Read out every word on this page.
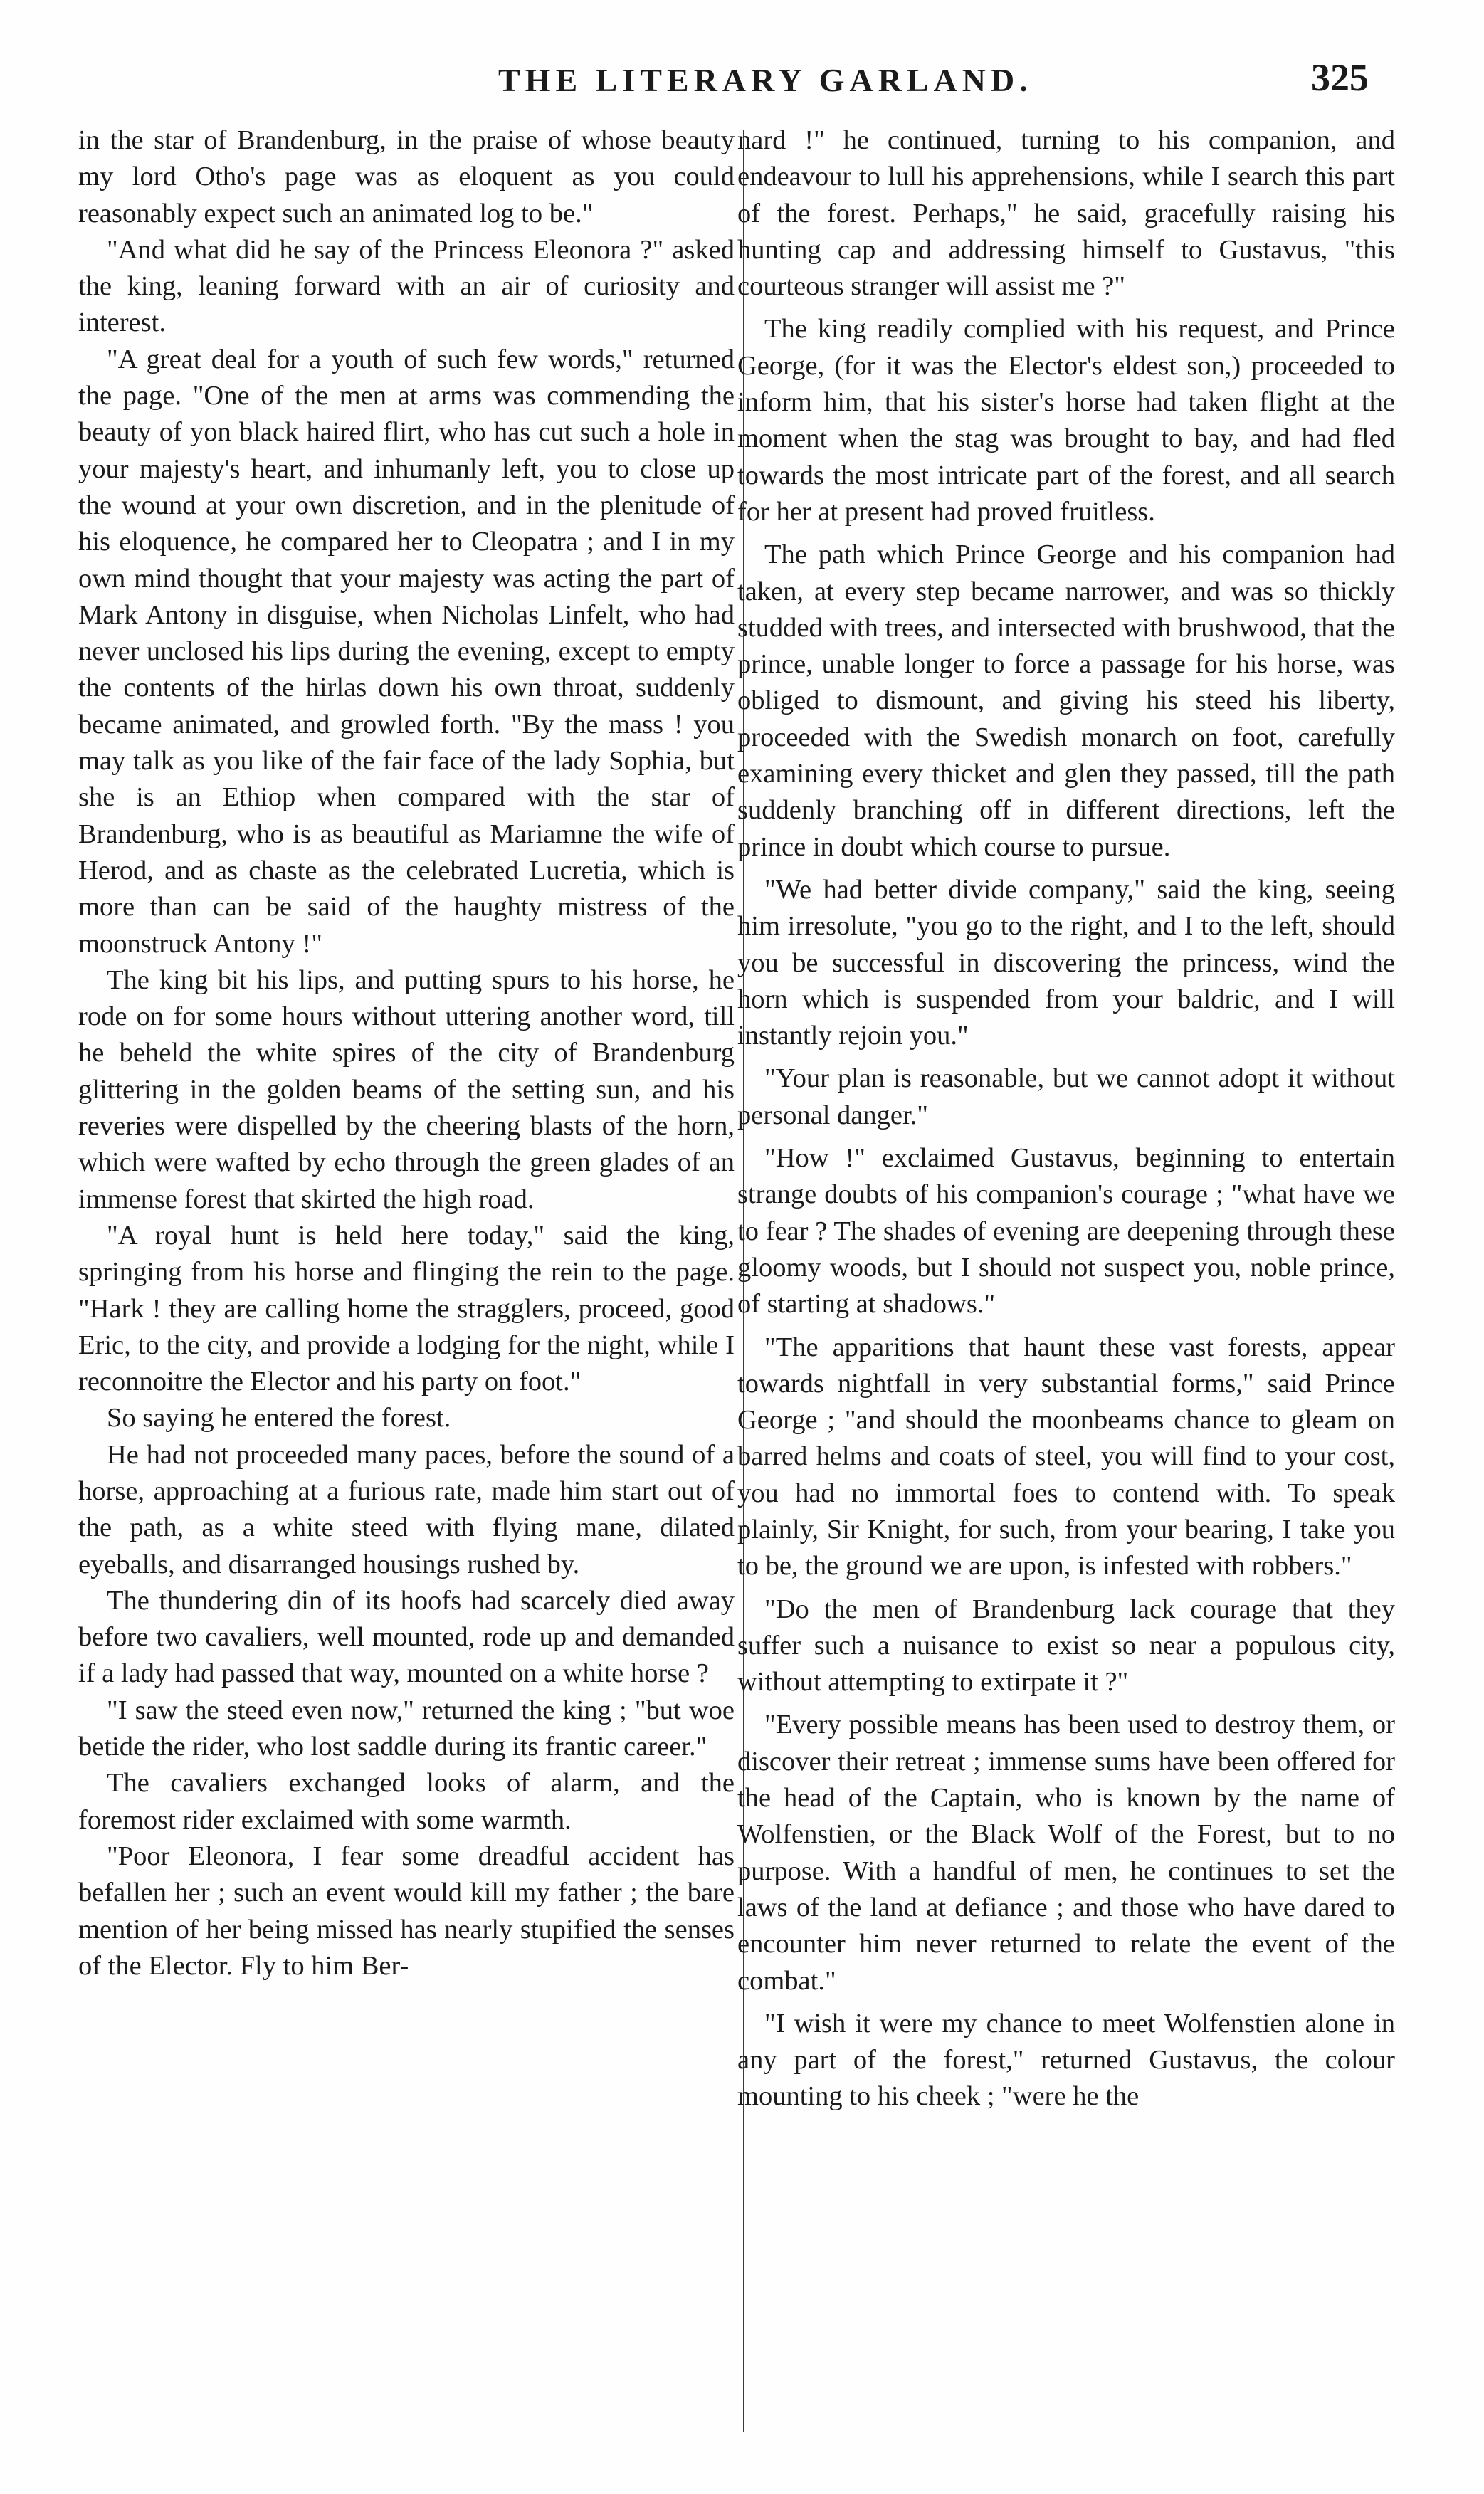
THE LITERARY GARLAND.	325

in the star of Brandenburg, in the praise of whose beauty my lord Otho's page was as eloquent as you could reasonably expect such an animated log to be."

"And what did he say of the Princess Eleonora ?" asked the king, leaning forward with an air of curiosity and interest.

"A great deal for a youth of such few words," returned the page. "One of the men at arms was commending the beauty of yon black haired flirt, who has cut such a hole in your majesty's heart, and inhumanly left, you to close up the wound at your own discretion, and in the plenitude of his eloquence, he compared her to Cleopatra ; and I in my own mind thought that your majesty was acting the part of Mark Antony in disguise, when Nicholas Linfelt, who had never unclosed his lips during the evening, except to empty the contents of the hirlas down his own throat, suddenly became animated, and growled forth. "By the mass ! you may talk as you like of the fair face of the lady Sophia, but she is an Ethiop when compared with the star of Brandenburg, who is as beautiful as Mariamne the wife of Herod, and as chaste as the celebrated Lucretia, which is more than can be said of the haughty mistress of the moonstruck Antony !"

The king bit his lips, and putting spurs to his horse, he rode on for some hours without uttering another word, till he beheld the white spires of the city of Brandenburg glittering in the golden beams of the setting sun, and his reveries were dispelled by the cheering blasts of the horn, which were wafted by echo through the green glades of an immense forest that skirted the high road.

"A royal hunt is held here today," said the king, springing from his horse and flinging the rein to the page. "Hark ! they are calling home the stragglers, proceed, good Eric, to the city, and provide a lodging for the night, while I reconnoitre the Elector and his party on foot."

So saying he entered the forest.

He had not proceeded many paces, before the sound of a horse, approaching at a furious rate, made him start out of the path, as a white steed with flying mane, dilated eyeballs, and disarranged housings rushed by.

The thundering din of its hoofs had scarcely died away before two cavaliers, well mounted, rode up and demanded if a lady had passed that way, mounted on a white horse ?

"I saw the steed even now," returned the king ; "but woe betide the rider, who lost saddle during its frantic career."

The cavaliers exchanged looks of alarm, and the foremost rider exclaimed with some warmth.

"Poor Eleonora, I fear some dreadful accident has befallen her ; such an event would kill my father ; the bare mention of her being missed has nearly stupified the senses of the Elector. Fly to him Ber-

nard !" he continued, turning to his companion, and endeavour to lull his apprehensions, while I search this part of the forest. Perhaps," he said, gracefully raising his hunting cap and addressing himself to Gustavus, "this courteous stranger will assist me ?"

The king readily complied with his request, and Prince George, (for it was the Elector's eldest son,) proceeded to inform him, that his sister's horse had taken flight at the moment when the stag was brought to bay, and had fled towards the most intricate part of the forest, and all search for her at present had proved fruitless.

The path which Prince George and his companion had taken, at every step became narrower, and was so thickly studded with trees, and intersected with brushwood, that the prince, unable longer to force a passage for his horse, was obliged to dismount, and giving his steed his liberty, proceeded with the Swedish monarch on foot, carefully examining every thicket and glen they passed, till the path suddenly branching off in different directions, left the prince in doubt which course to pursue.

"We had better divide company," said the king, seeing him irresolute, "you go to the right, and I to the left, should you be successful in discovering the princess, wind the horn which is suspended from your baldric, and I will instantly rejoin you."

"Your plan is reasonable, but we cannot adopt it without personal danger."

"How !" exclaimed Gustavus, beginning to entertain strange doubts of his companion's courage ; "what have we to fear ? The shades of evening are deepening through these gloomy woods, but I should not suspect you, noble prince, of starting at shadows."

"The apparitions that haunt these vast forests, appear towards nightfall in very substantial forms," said Prince George ; "and should the moonbeams chance to gleam on barred helms and coats of steel, you will find to your cost, you had no immortal foes to contend with. To speak plainly, Sir Knight, for such, from your bearing, I take you to be, the ground we are upon, is infested with robbers."

"Do the men of Brandenburg lack courage that they suffer such a nuisance to exist so near a populous city, without attempting to extirpate it ?"

"Every possible means has been used to destroy them, or discover their retreat ; immense sums have been offered for the head of the Captain, who is known by the name of Wolfenstien, or the Black Wolf of the Forest, but to no purpose. With a handful of men, he continues to set the laws of the land at defiance ; and those who have dared to encounter him never returned to relate the event of the combat."

"I wish it were my chance to meet Wolfenstien alone in any part of the forest," returned Gustavus, the colour mounting to his cheek ; "were he the
